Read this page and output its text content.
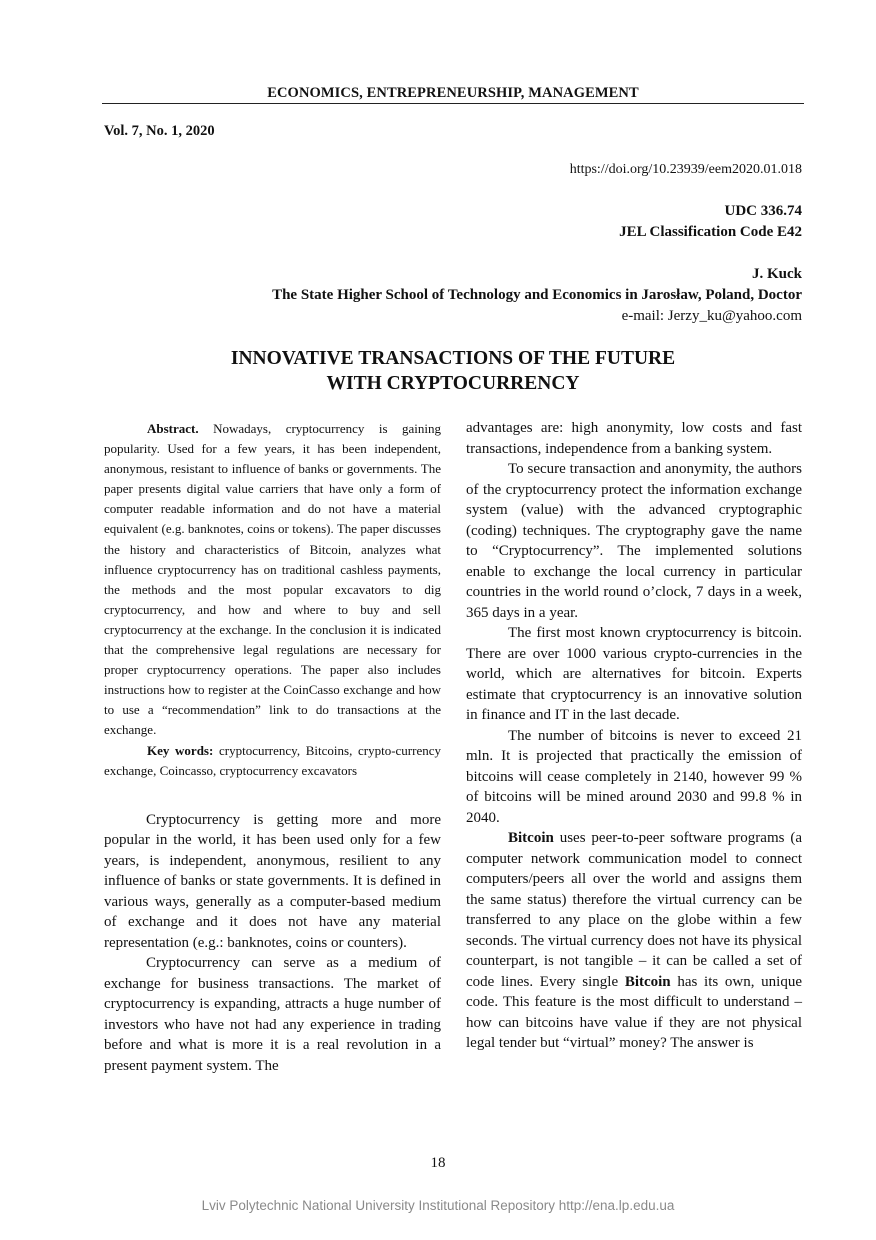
ECONOMICS, ENTREPRENEURSHIP, MANAGEMENT
Vol. 7, No. 1, 2020
https://doi.org/10.23939/eem2020.01.018
UDC 336.74
JEL Classification Code E42
J. Kuck
The State Higher School of Technology and Economics in Jarosław, Poland, Doctor
e-mail: Jerzy_ku@yahoo.com
INNOVATIVE TRANSACTIONS OF THE FUTURE
WITH CRYPTOCURRENCY

Abstract. Nowadays, cryptocurrency is gaining popularity. Used for a few years, it has been independent, anonymous, resistant to influence of banks or governments. The paper presents digital value carriers that have only a form of computer readable information and do not have a material equivalent (e.g. banknotes, coins or tokens). The paper discusses the history and characteristics of Bitcoin, analyzes what influence cryptocurrency has on traditional cashless payments, the methods and the most popular excavators to dig cryptocurrency, and how and where to buy and sell cryptocurrency at the exchange. In the conclusion it is indicated that the comprehensive legal regulations are necessary for proper cryptocurrency operations. The paper also includes instructions how to register at the CoinCasso exchange and how to use a “recommendation” link to do transactions at the exchange.

Key words: cryptocurrency, Bitcoins, crypto-currency exchange, Coincasso, cryptocurrency excavators

Cryptocurrency is getting more and more popular in the world, it has been used only for a few years, is independent, anonymous, resilient to any influence of banks or state governments. It is defined in various ways, generally as a computer-based medium of exchange and it does not have any material representation (e.g.: banknotes, coins or counters).

Cryptocurrency can serve as a medium of exchange for business transactions. The market of cryptocurrency is expanding, attracts a huge number of investors who have not had any experience in trading before and what is more it is a real revolution in a present payment system. The

advantages are: high anonymity, low costs and fast transactions, independence from a banking system.

To secure transaction and anonymity, the authors of the cryptocurrency protect the information exchange system (value) with the advanced cryptographic (coding) techniques. The cryptography gave the name to “Cryptocurrency”. The implemented solutions enable to exchange the local currency in particular countries in the world round o’clock, 7 days in a week, 365 days in a year.

The first most known cryptocurrency is bitcoin. There are over 1000 various crypto-currencies in the world, which are alternatives for bitcoin. Experts estimate that cryptocurrency is an innovative solution in finance and IT in the last decade.

The number of bitcoins is never to exceed 21 mln. It is projected that practically the emission of bitcoins will cease completely in 2140, however 99 % of bitcoins will be mined around 2030 and 99.8 % in 2040.

Bitcoin uses peer-to-peer software programs (a computer network communication model to connect computers/peers all over the world and assigns them the same status) therefore the virtual currency can be transferred to any place on the globe within a few seconds. The virtual currency does not have its physical counterpart, is not tangible – it can be called a set of code lines. Every single Bitcoin has its own, unique code. This feature is the most difficult to understand – how can bitcoins have value if they are not physical legal tender but “virtual” money? The answer is

18
Lviv Polytechnic National University Institutional Repository http://ena.lp.edu.ua
